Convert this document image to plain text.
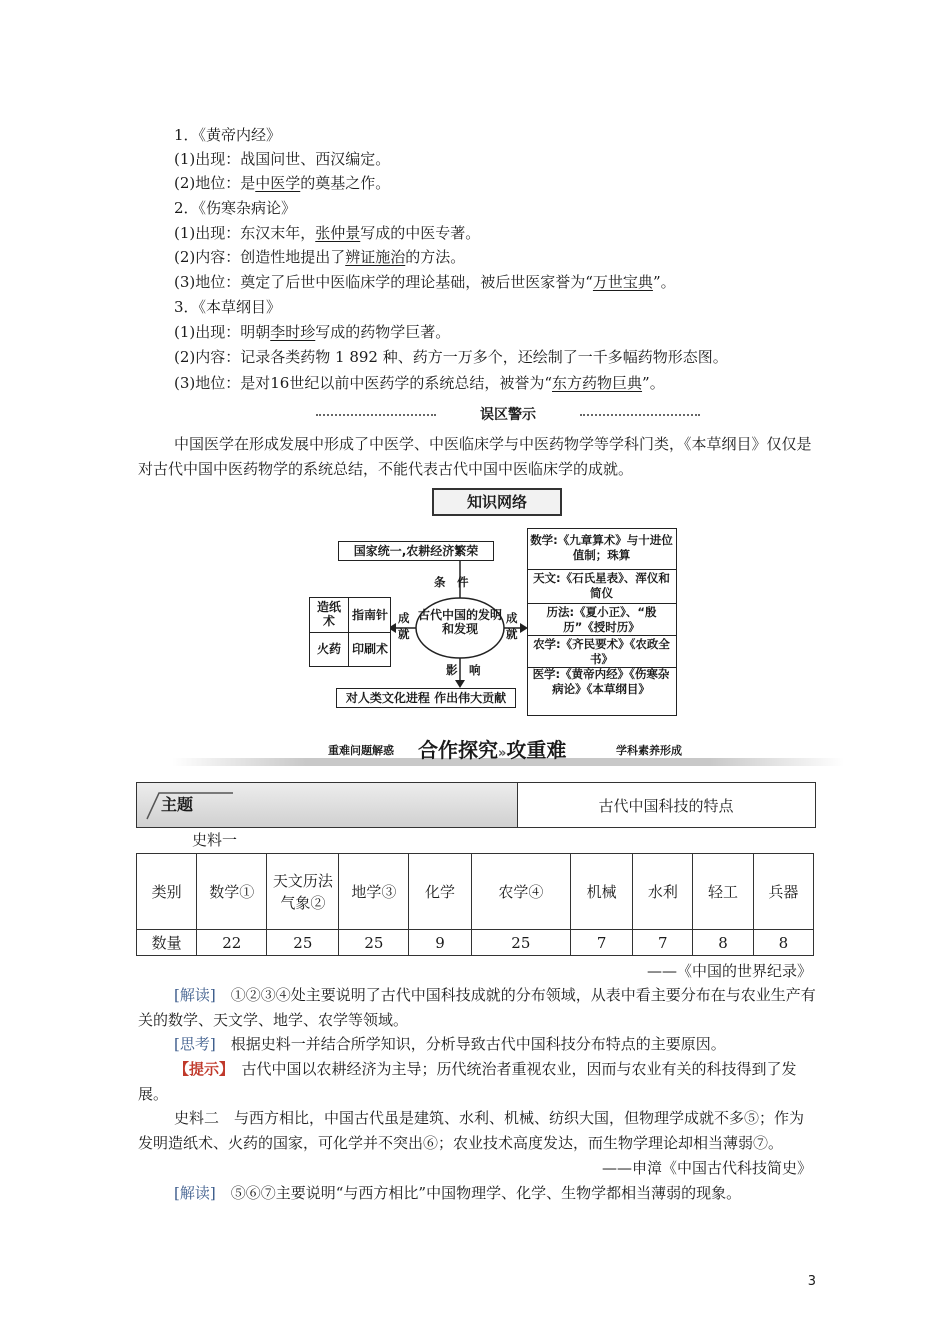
1．《黄帝内经》
(1)出现：战国问世、西汉编定。
(2)地位：是中医学的奠基之作。
2．《伤寒杂病论》
(1)出现：东汉末年，张仲景写成的中医专著。
(2)内容：创造性地提出了辨证施治的方法。
(3)地位：奠定了后世中医临床学的理论基础，被后世医家誉为“万世宝典”。
3．《本草纲目》
(1)出现：明朝李时珍写成的药物学巨著。
(2)内容：记录各类药物 1 892 种、药方一万多个，还绘制了一千多幅药物形态图。
(3)地位：是对16世纪以前中医药学的系统总结，被誉为“东方药物巨典”。
误区警示
中国医学在形成发展中形成了中医学、中医临床学与中医药物学等学科门类，《本草纲目》仅仅是对古代中国中医药物学的系统总结，不能代表古代中国中医临床学的成就。
知识网络
国家统一,农耕经济繁荣
条　件
古代中国的发明和发现
成就
成就
造纸术	指南针
火药 印刷术
影　响
对人类文化进程 作出伟大贡献
数学:《九章算术》与十进位值制；珠算
天文:《石氏星表》、浑仪和简仪
历法:《夏小正》、“殷历”《授时历》
农学:《齐民要术》《农政全书》
医学:《黄帝内经》《伤寒杂病论》《本草纲目》
重难问题解惑 合作探究»攻重难	学科素养形成
主题	古代中国科技的特点
史料一
类别	数学①	天文历法气象②	地学③	化学	农学④	机械	水利	轻工	兵器
数量	22	25	25	9	25	7	7	8	8
——《中国的世界纪录》
[解读]　 ①②③④处主要说明了古代中国科技成就的分布领域，从表中看主要分布在与农业生产有关的数学、天文学、地学、农学等领域。
[思考]　 根据史料一并结合所学知识，分析导致古代中国科技分布特点的主要原因。
【提示】　 古代中国以农耕经济为主导；历代统治者重视农业，因而与农业有关的科技得到了发展。
史料二　与西方相比，中国古代虽是建筑、水利、机械、纺织大国，但物理学成就不多⑤；作为发明造纸术、火药的国家，可化学并不突出⑥；农业技术高度发达，而生物学理论却相当薄弱⑦。
——申漳《中国古代科技简史》
[解读]　 ⑤⑥⑦主要说明“与西方相比”中国物理学、化学、生物学都相当薄弱的现象。
3
